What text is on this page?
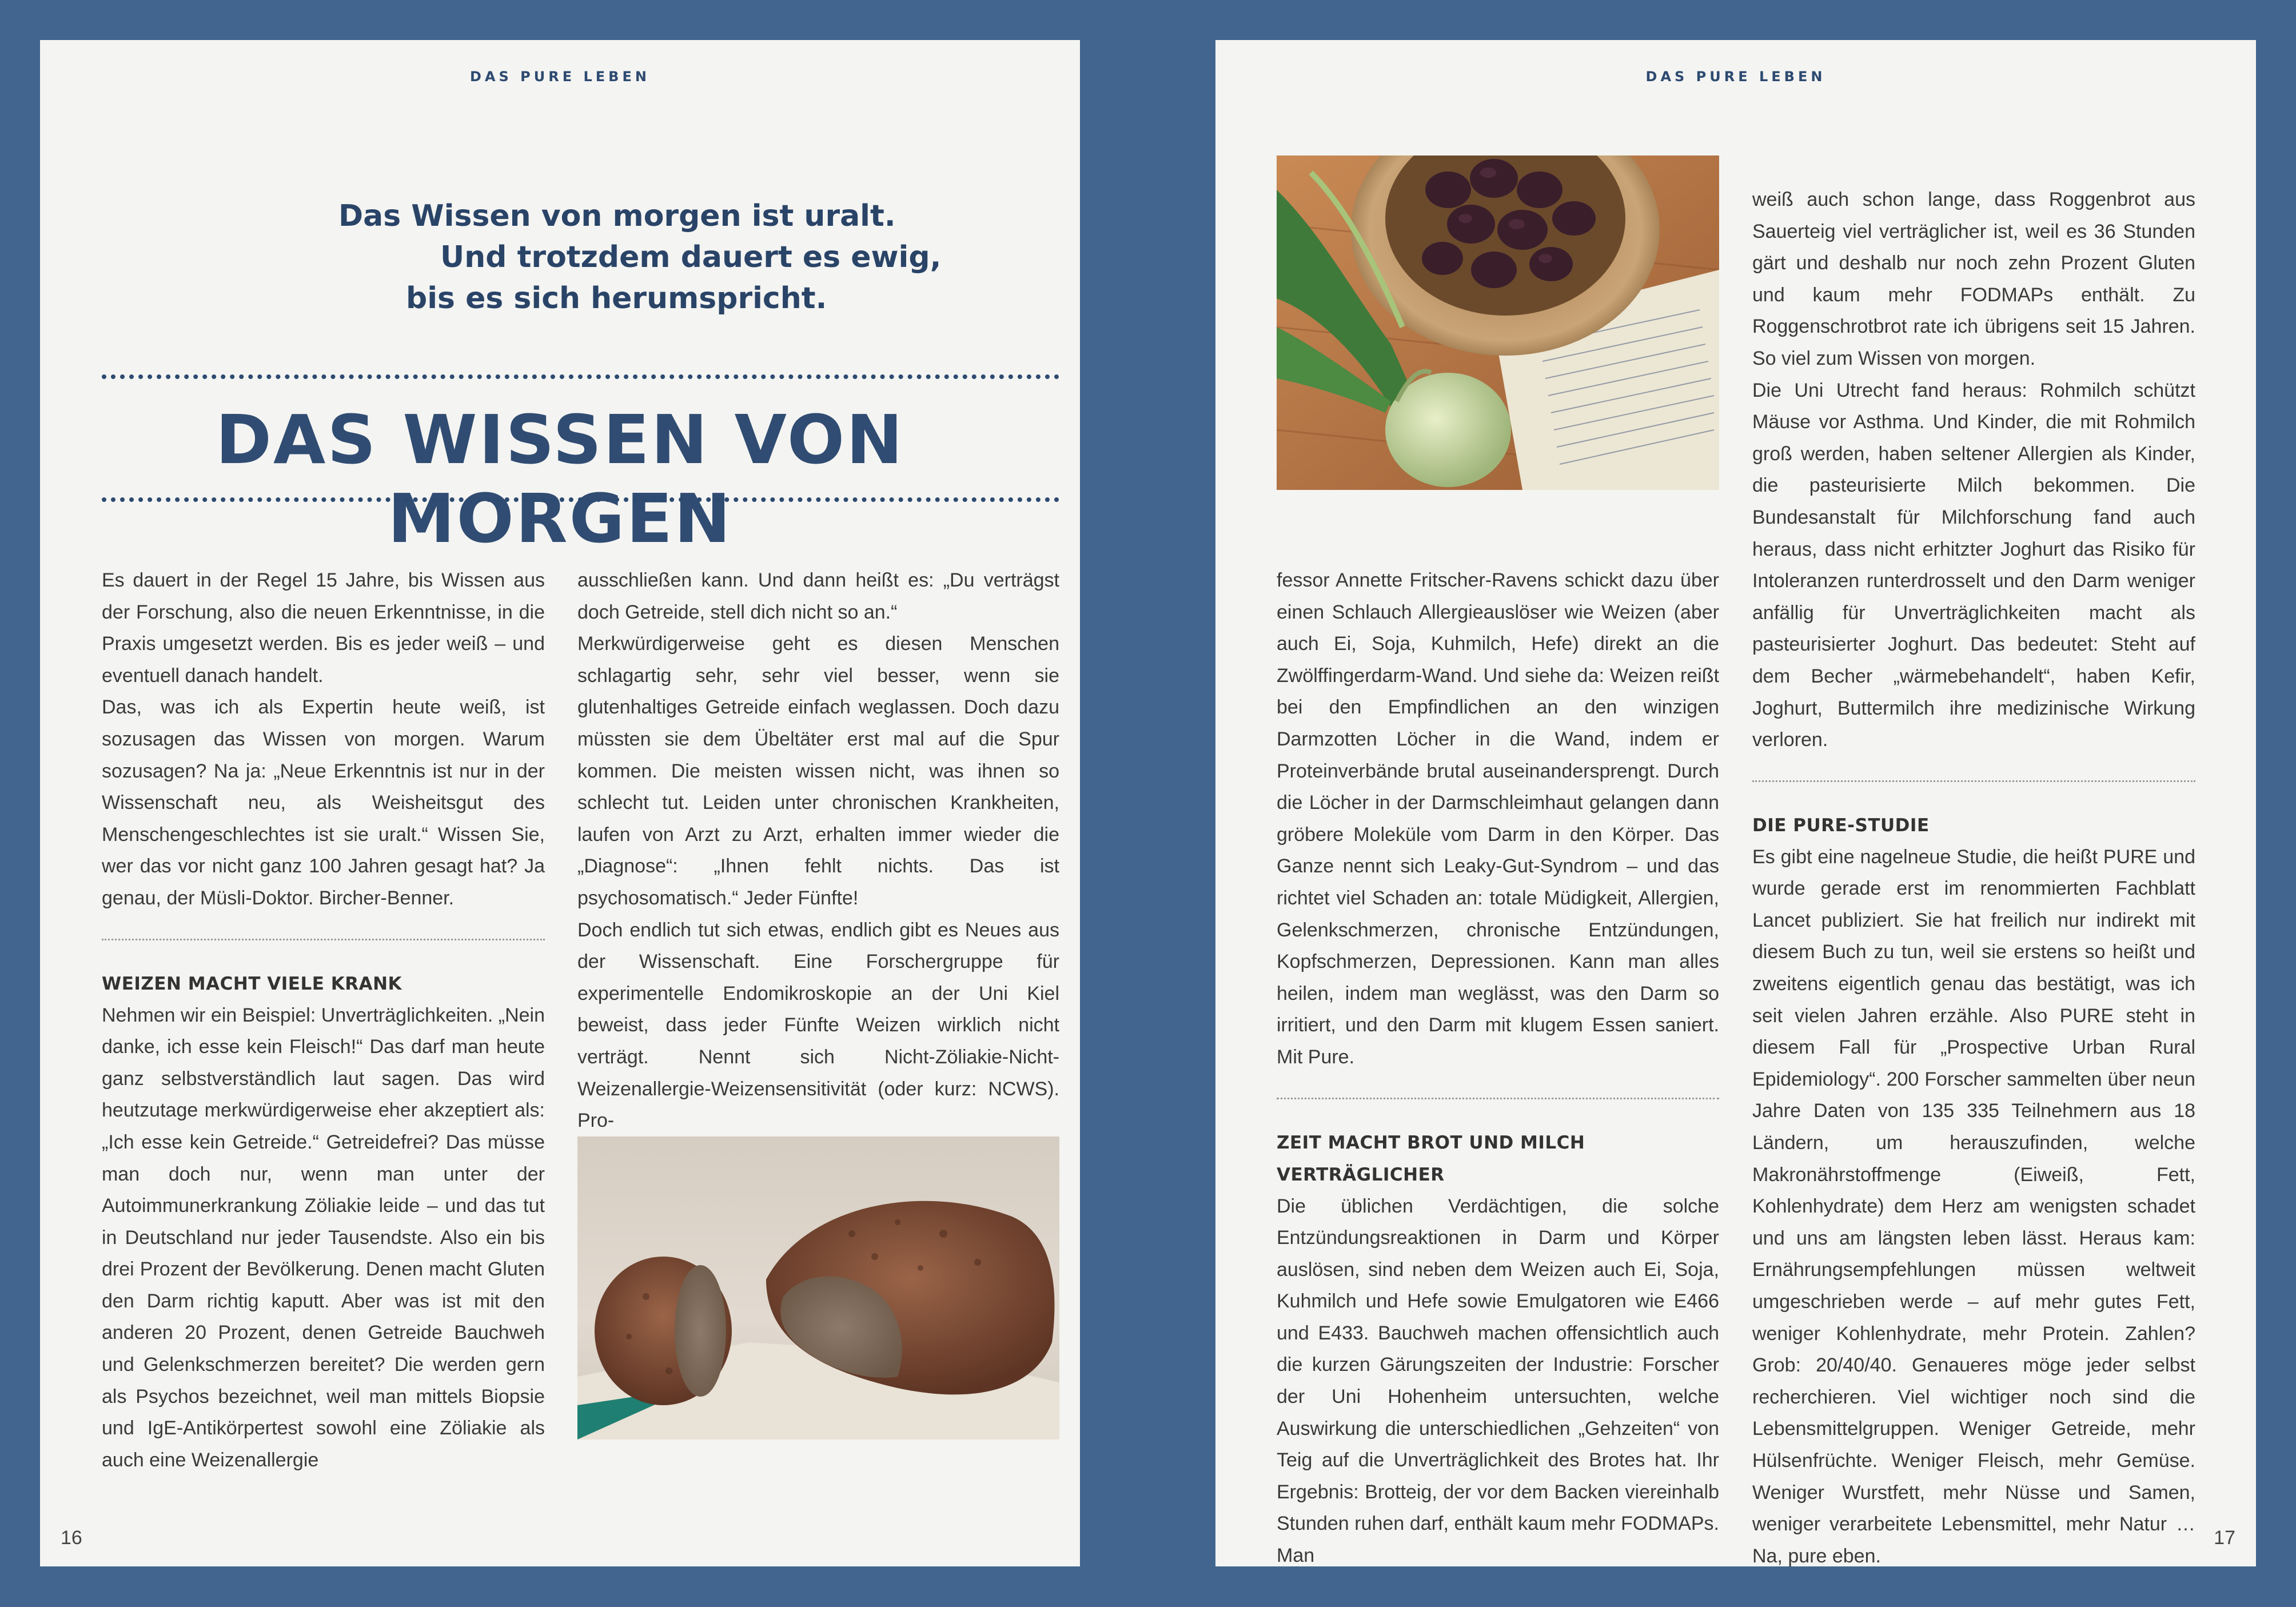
DAS PURE LEBEN
Das Wissen von morgen ist uralt.
Und trotzdem dauert es ewig,
bis es sich herumspricht.
DAS WISSEN VON MORGEN

Es dauert in der Regel 15 Jahre, bis Wissen aus der Forschung, also die neuen Erkenntnisse, in die Praxis umgesetzt werden. Bis es jeder weiß – und eventuell danach handelt.

Das, was ich als Expertin heute weiß, ist sozusagen das Wissen von morgen. Warum sozusagen? Na ja: „Neue Erkenntnis ist nur in der Wissenschaft neu, als Weisheitsgut des Menschengeschlechtes ist sie uralt.“ Wissen Sie, wer das vor nicht ganz 100 Jahren gesagt hat? Ja genau, der Müsli-Doktor. Bircher-Benner.

WEIZEN MACHT VIELE KRANK

Nehmen wir ein Beispiel: Unverträglichkeiten. „Nein danke, ich esse kein Fleisch!“ Das darf man heute ganz selbstverständlich laut sagen. Das wird heutzutage merkwürdigerweise eher akzeptiert als: „Ich esse kein Getreide.“ Getreidefrei? Das müsse man doch nur, wenn man unter der Autoimmunerkrankung Zöliakie leide – und das tut in Deutschland nur jeder Tausendste. Also ein bis drei Prozent der Bevölkerung. Denen macht Gluten den Darm richtig kaputt. Aber was ist mit den anderen 20 Prozent, denen Getreide Bauchweh und Gelenkschmerzen bereitet? Die werden gern als Psychos bezeichnet, weil man mittels Biopsie und IgE-Antikörpertest sowohl eine Zöliakie als auch eine Weizenallergie

ausschließen kann. Und dann heißt es: „Du verträgst doch Getreide, stell dich nicht so an.“

Merkwürdigerweise geht es diesen Menschen schlagartig sehr, sehr viel besser, wenn sie glutenhaltiges Getreide einfach weglassen. Doch dazu müssten sie dem Übeltäter erst mal auf die Spur kommen. Die meisten wissen nicht, was ihnen so schlecht tut. Leiden unter chronischen Krankheiten, laufen von Arzt zu Arzt, erhalten immer wieder die „Diagnose“: „Ihnen fehlt nichts. Das ist psychosomatisch.“ Jeder Fünfte!

Doch endlich tut sich etwas, endlich gibt es Neues aus der Wissenschaft. Eine Forschergruppe für experimentelle Endomikroskopie an der Uni Kiel beweist, dass jeder Fünfte Weizen wirklich nicht verträgt. Nennt sich Nicht-Zöliakie-Nicht-Weizenallergie-Weizensensitivität (oder kurz: NCWS). Pro-

16
DAS PURE LEBEN

fessor Annette Fritscher-Ravens schickt dazu über einen Schlauch Allergieauslöser wie Weizen (aber auch Ei, Soja, Kuhmilch, Hefe) direkt an die Zwölffingerdarm-Wand. Und siehe da: Weizen reißt bei den Empfindlichen an den winzigen Darmzotten Löcher in die Wand, indem er Proteinverbände brutal auseinandersprengt. Durch die Löcher in der Darmschleimhaut gelangen dann gröbere Moleküle vom Darm in den Körper. Das Ganze nennt sich Leaky-Gut-Syndrom – und das richtet viel Schaden an: totale Müdigkeit, Allergien, Gelenkschmerzen, chronische Entzündungen, Kopfschmerzen, Depressionen. Kann man alles heilen, indem man weglässt, was den Darm so irritiert, und den Darm mit klugem Essen saniert. Mit Pure.

ZEIT MACHT BROT UND MILCH VERTRÄGLICHER

Die üblichen Verdächtigen, die solche Entzündungsreaktionen in Darm und Körper auslösen, sind neben dem Weizen auch Ei, Soja, Kuhmilch und Hefe sowie Emulgatoren wie E466 und E433. Bauchweh machen offensichtlich auch die kurzen Gärungszeiten der Industrie: Forscher der Uni Hohenheim untersuchten, welche Auswirkung die unterschiedlichen „Gehzeiten“ von Teig auf die Unverträglichkeit des Brotes hat. Ihr Ergebnis: Brotteig, der vor dem Backen viereinhalb Stunden ruhen darf, enthält kaum mehr FODMAPs. Man

weiß auch schon lange, dass Roggenbrot aus Sauerteig viel verträglicher ist, weil es 36 Stunden gärt und deshalb nur noch zehn Prozent Gluten und kaum mehr FODMAPs enthält. Zu Roggenschrotbrot rate ich übrigens seit 15 Jahren. So viel zum Wissen von morgen.

Die Uni Utrecht fand heraus: Rohmilch schützt Mäuse vor Asthma. Und Kinder, die mit Rohmilch groß werden, haben seltener Allergien als Kinder, die pasteurisierte Milch bekommen. Die Bundesanstalt für Milchforschung fand auch heraus, dass nicht erhitzter Joghurt das Risiko für Intoleranzen runterdrosselt und den Darm weniger anfällig für Unverträglichkeiten macht als pasteurisierter Joghurt. Das bedeutet: Steht auf dem Becher „wärmebehandelt“, haben Kefir, Joghurt, Buttermilch ihre medizinische Wirkung verloren.

DIE PURE-STUDIE

Es gibt eine nagelneue Studie, die heißt PURE und wurde gerade erst im renommierten Fachblatt Lancet publiziert. Sie hat freilich nur indirekt mit diesem Buch zu tun, weil sie erstens so heißt und zweitens eigentlich genau das bestätigt, was ich seit vielen Jahren erzähle. Also PURE steht in diesem Fall für „Prospective Urban Rural Epidemiology“. 200 Forscher sammelten über neun Jahre Daten von 135 335 Teilnehmern aus 18 Ländern, um herauszufinden, welche Makronährstoffmenge (Eiweiß, Fett, Kohlenhydrate) dem Herz am wenigsten schadet und uns am längsten leben lässt. Heraus kam: Ernährungsempfehlungen müssen weltweit umgeschrieben werde – auf mehr gutes Fett, weniger Kohlenhydrate, mehr Protein. Zahlen? Grob: 20/40/40. Genaueres möge jeder selbst recherchieren. Viel wichtiger noch sind die Lebensmittelgruppen. Weniger Getreide, mehr Hülsenfrüchte. Weniger Fleisch, mehr Gemüse. Weniger Wurstfett, mehr Nüsse und Samen, weniger verarbeitete Lebensmittel, mehr Natur … Na, pure eben.

17
